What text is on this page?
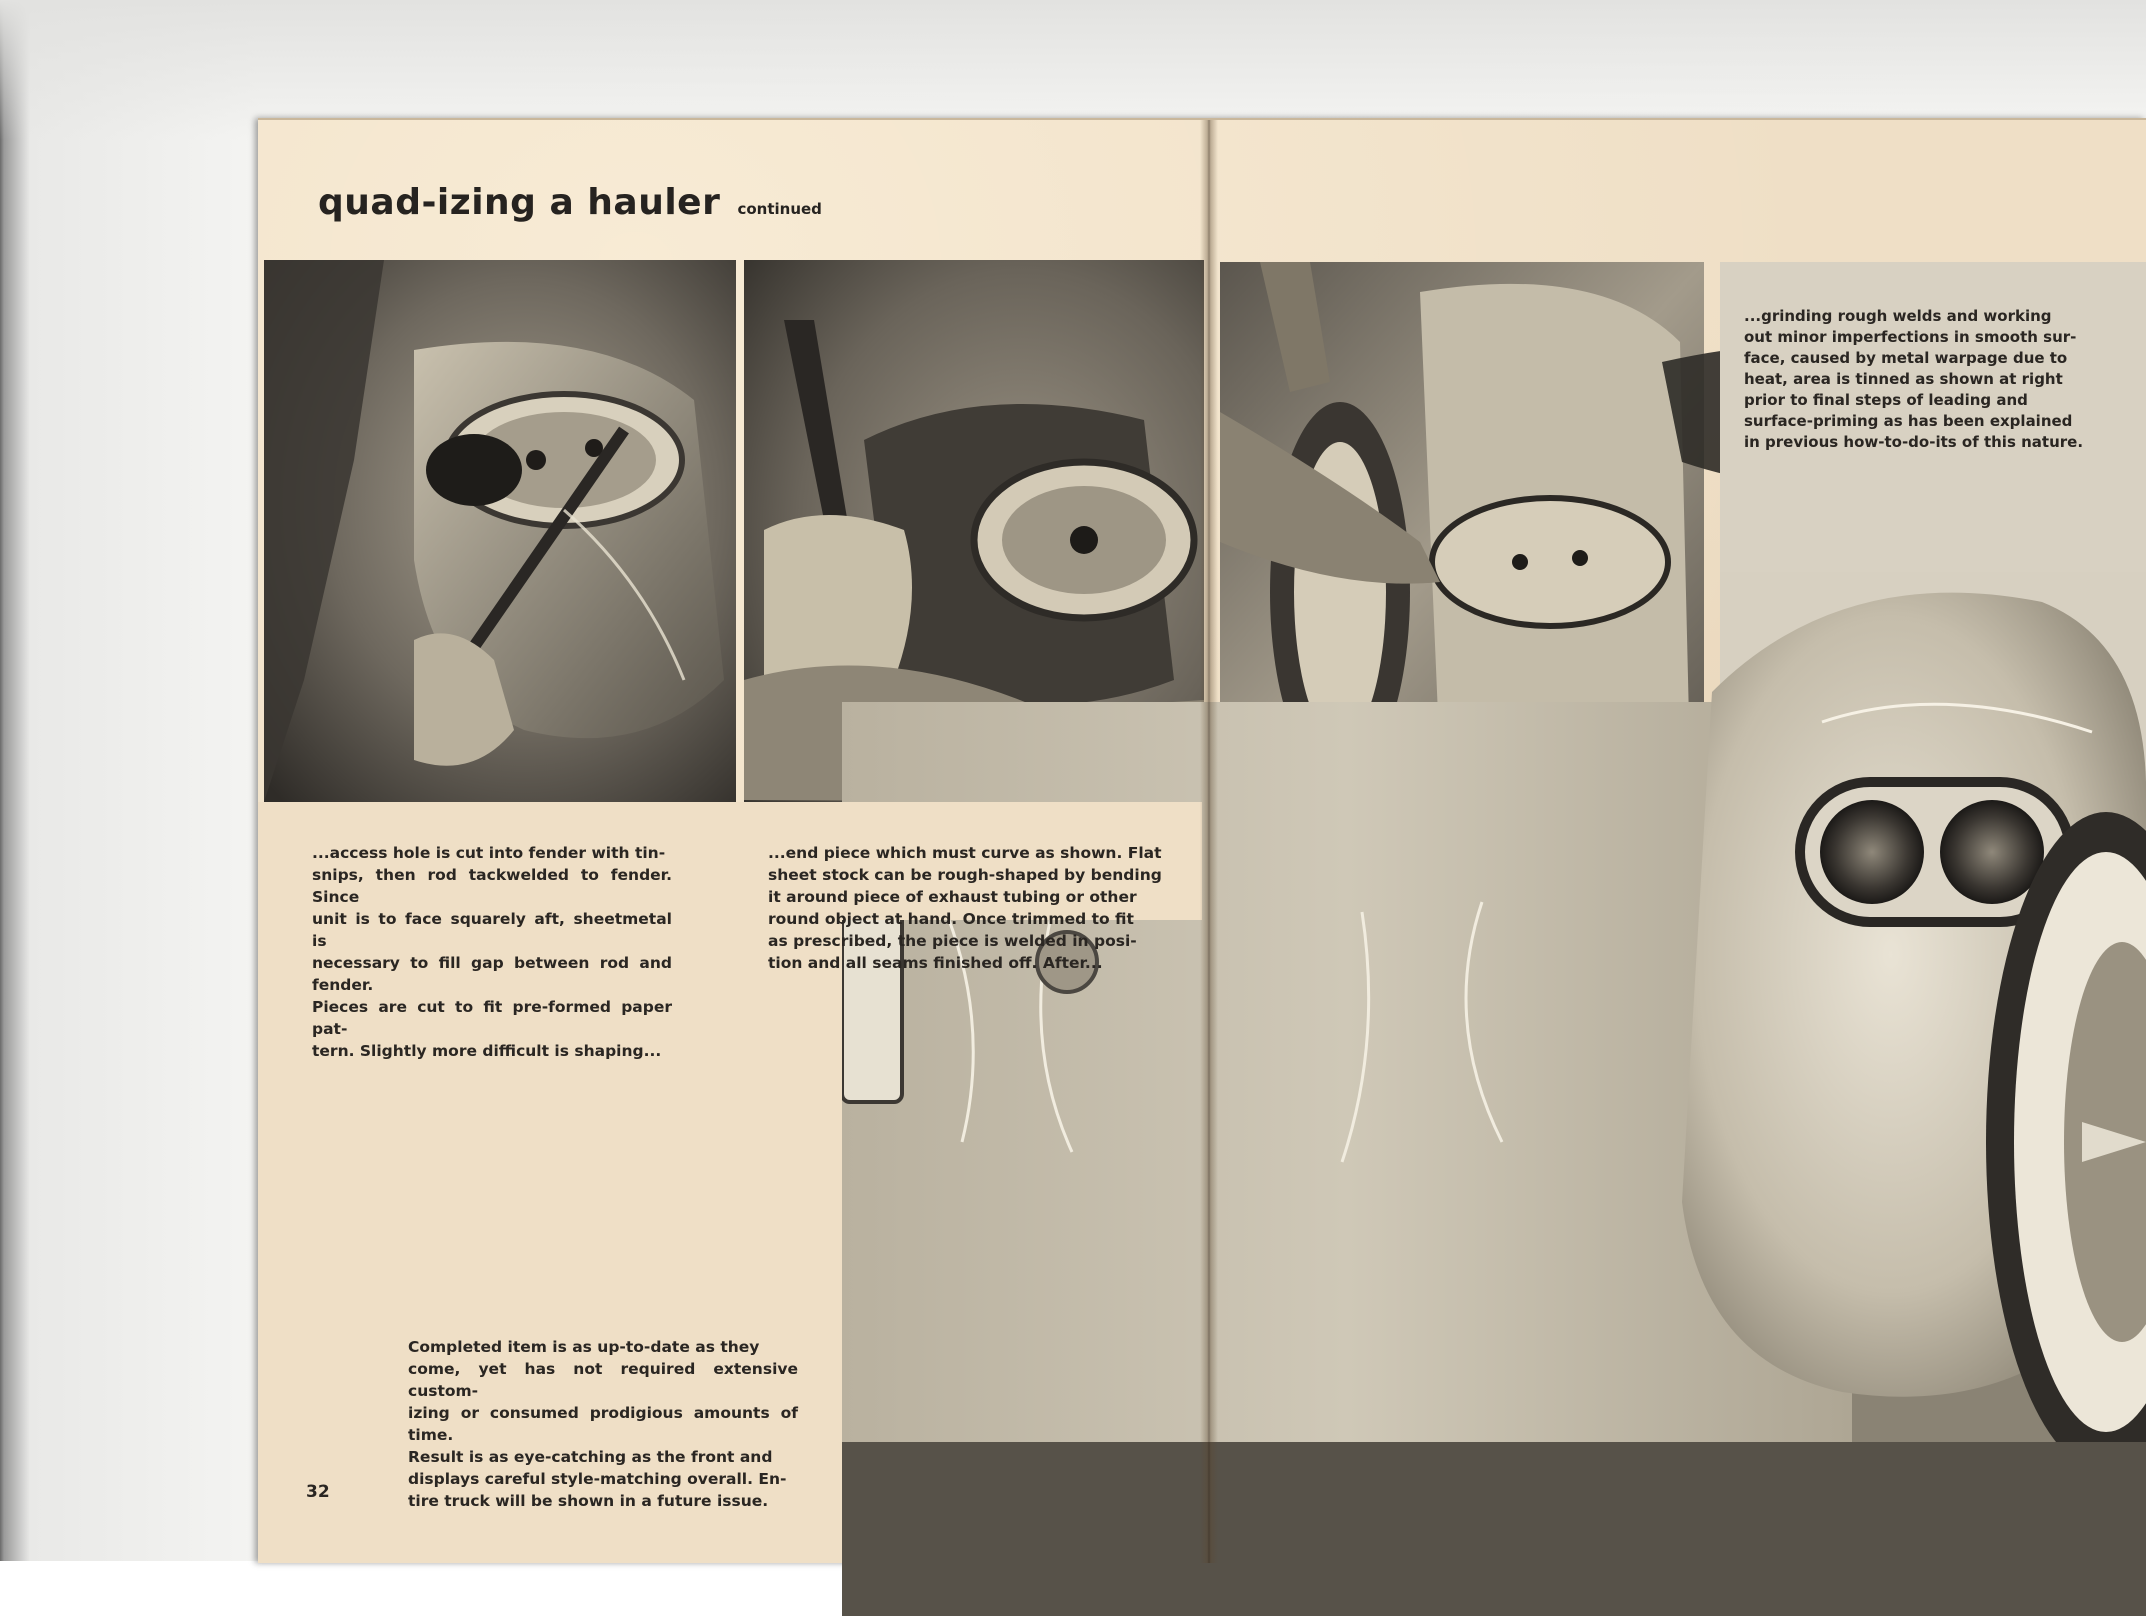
quad-izing a hauler continued
...access hole is cut into fender with tin-
snips, then rod tackwelded to fender. Since
unit is to face squarely aft, sheetmetal is
necessary to fill gap between rod and fender.
Pieces are cut to fit pre-formed paper pat-
tern. Slightly more difficult is shaping...
...end piece which must curve as shown. Flat
sheet stock can be rough-shaped by bending
it around piece of exhaust tubing or other
round object at hand. Once trimmed to fit
as prescribed, the piece is welded in posi-
tion and all seams finished off. After...
Completed item is as up-to-date as they
come, yet has not required extensive custom-
izing or consumed prodigious amounts of time.
Result is as eye-catching as the front and
displays careful style-matching overall. En-
tire truck will be shown in a future issue.
...grinding rough welds and working
out minor imperfections in smooth sur-
face, caused by metal warpage due to
heat, area is tinned as shown at right
prior to final steps of leading and
surface-priming as has been explained
in previous how-to-do-its of this nature.
32
